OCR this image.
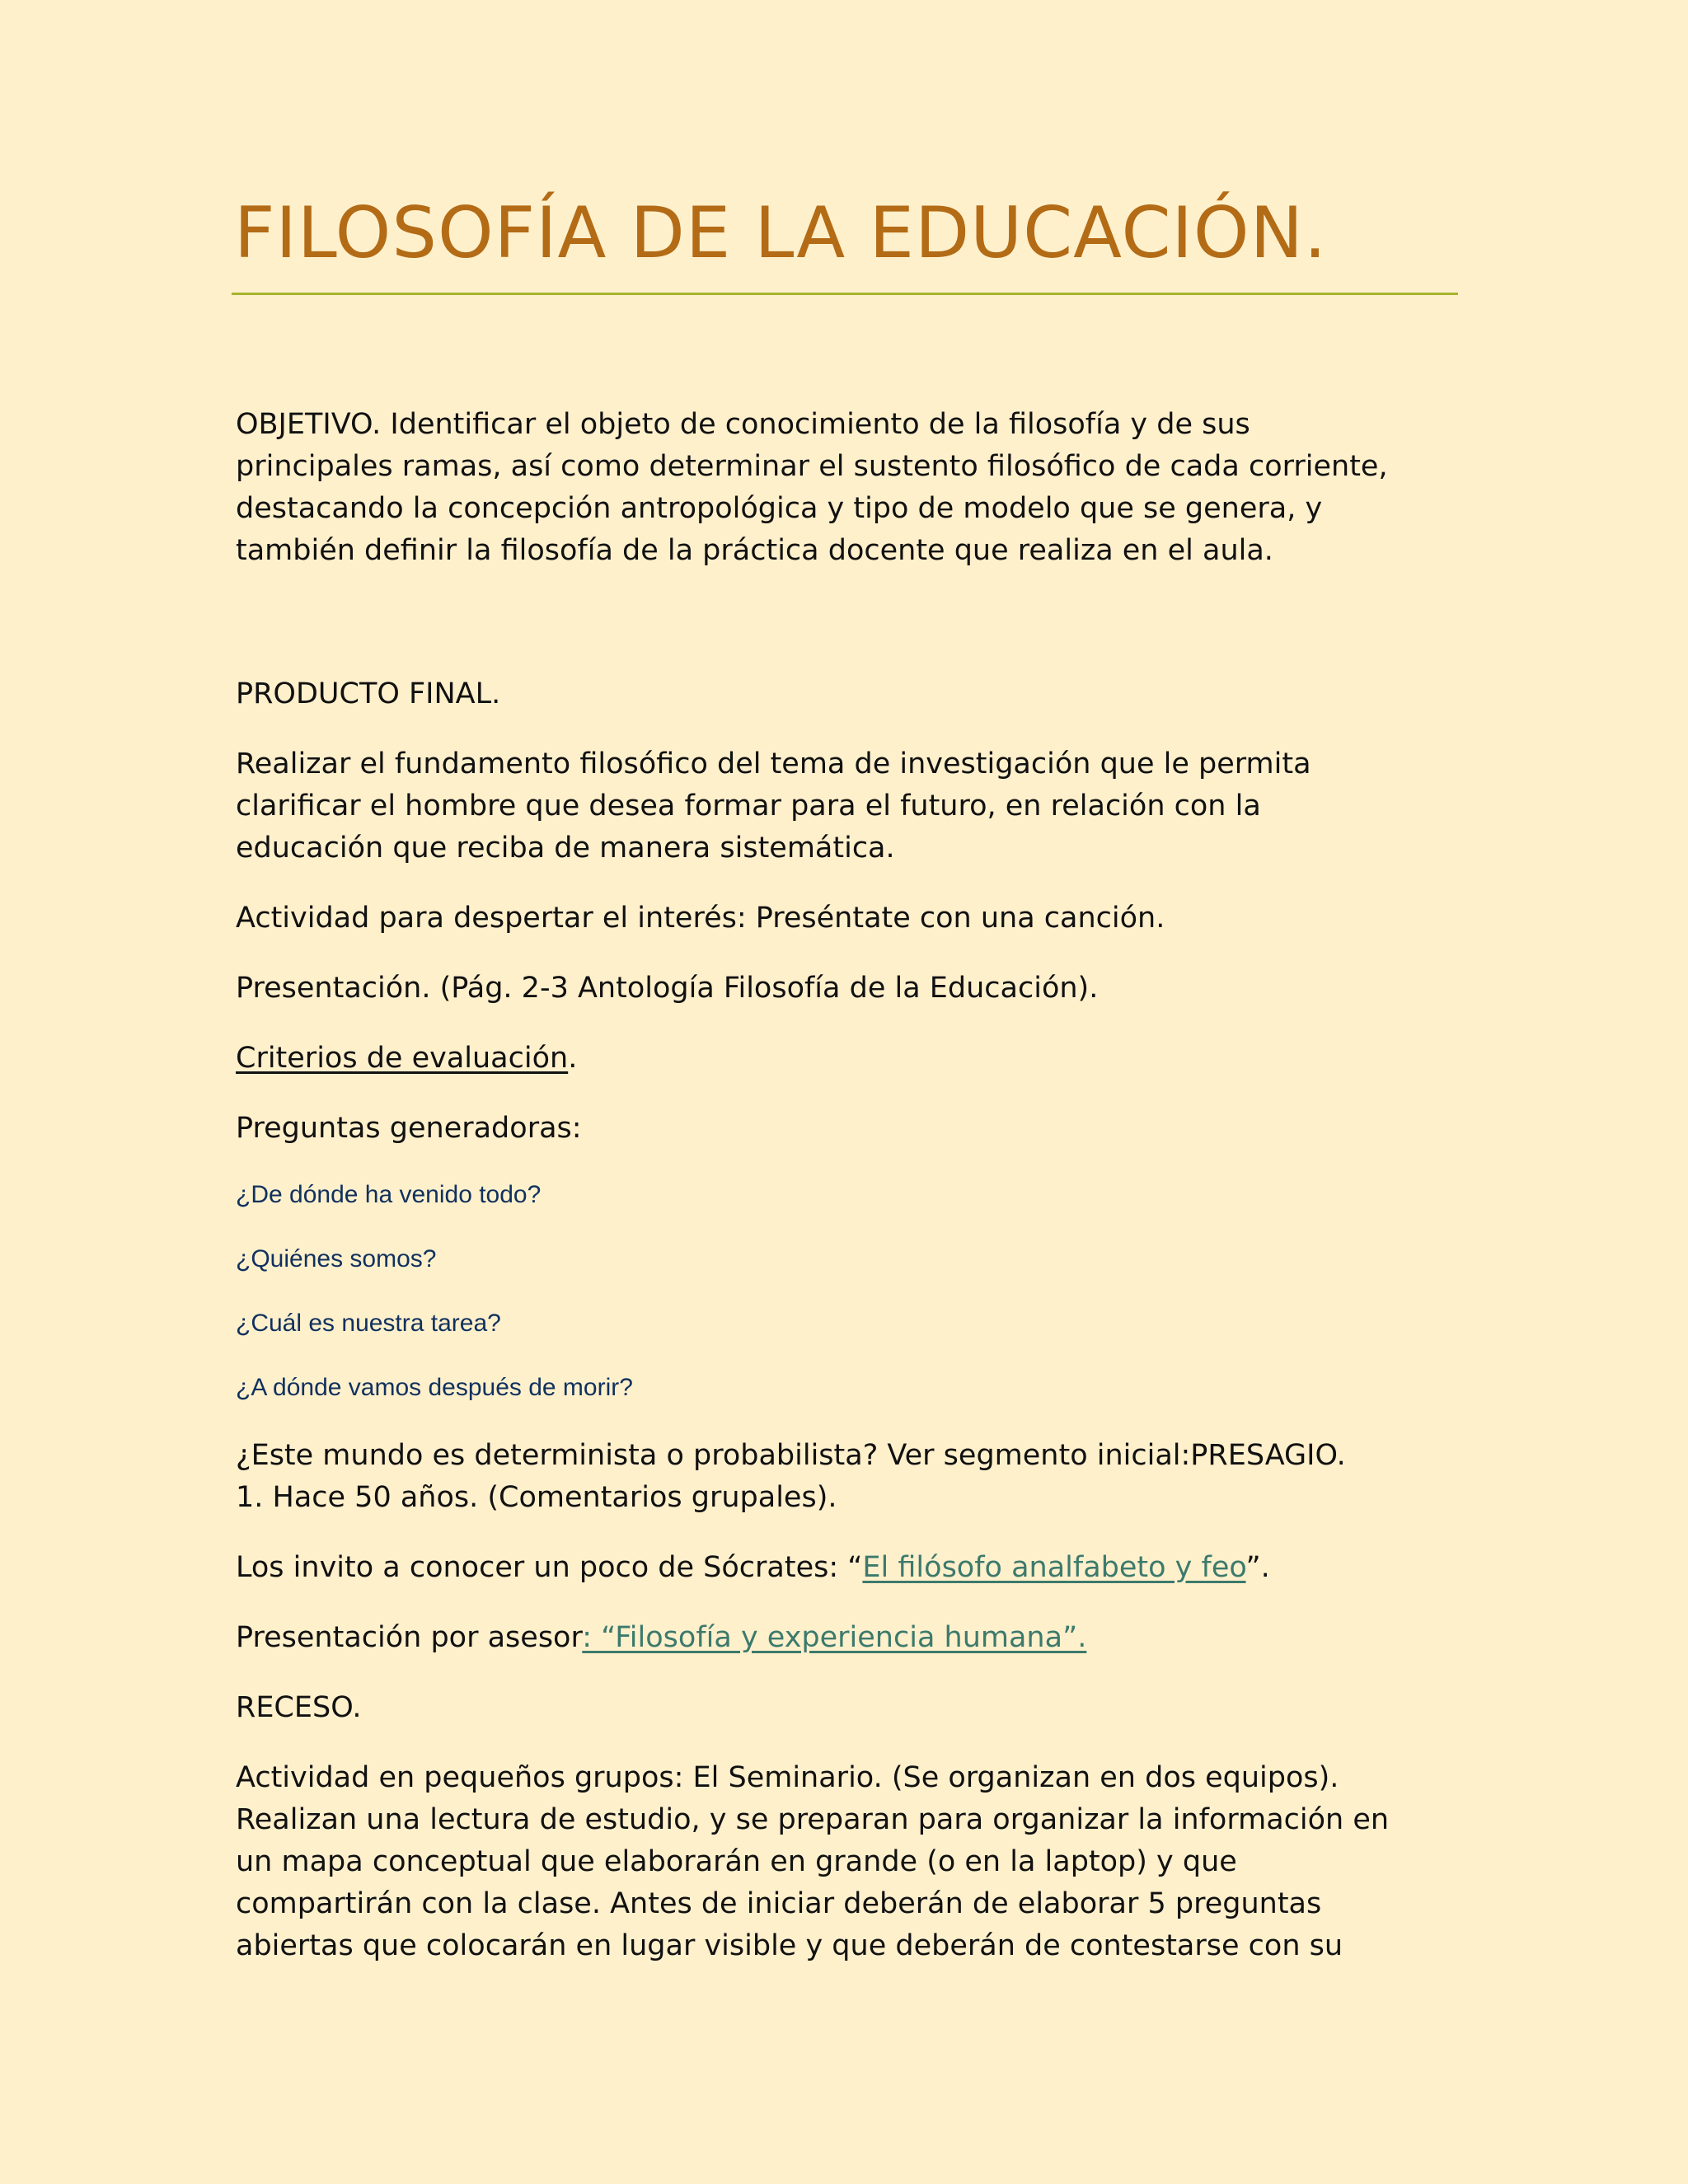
FILOSOFÍA DE LA EDUCACIÓN.

OBJETIVO. Identificar el objeto de conocimiento de la filosofía y de sus

principales ramas, así como determinar el sustento filosófico de cada corriente,

destacando la concepción antropológica y tipo de modelo que se genera, y

también definir la filosofía de la práctica docente que realiza en el aula.

PRODUCTO FINAL.

Realizar el fundamento filosófico del tema de investigación que le permita

clarificar el hombre que desea formar para el futuro, en relación con la

educación que reciba de manera sistemática.

Actividad para despertar el interés: Preséntate con una canción.

Presentación. (Pág. 2-3 Antología Filosofía de la Educación).

Criterios de evaluación.

Preguntas generadoras:

¿De dónde ha venido todo?

¿Quiénes somos?

¿Cuál es nuestra tarea?

¿A dónde vamos después de morir?

¿Este mundo es determinista o probabilista? Ver segmento inicial:PRESAGIO.

1. Hace 50 años. (Comentarios grupales).

Los invito a conocer un poco de Sócrates: “El filósofo analfabeto y feo”.

Presentación por asesor: “Filosofía y experiencia humana”.

RECESO.

Actividad en pequeños grupos: El Seminario. (Se organizan en dos equipos).

Realizan una lectura de estudio, y se preparan para organizar la información en

un mapa conceptual que elaborarán en grande (o en la laptop) y que

compartirán con la clase. Antes de iniciar deberán de elaborar 5 preguntas

abiertas que colocarán en lugar visible y que deberán de contestarse con su
